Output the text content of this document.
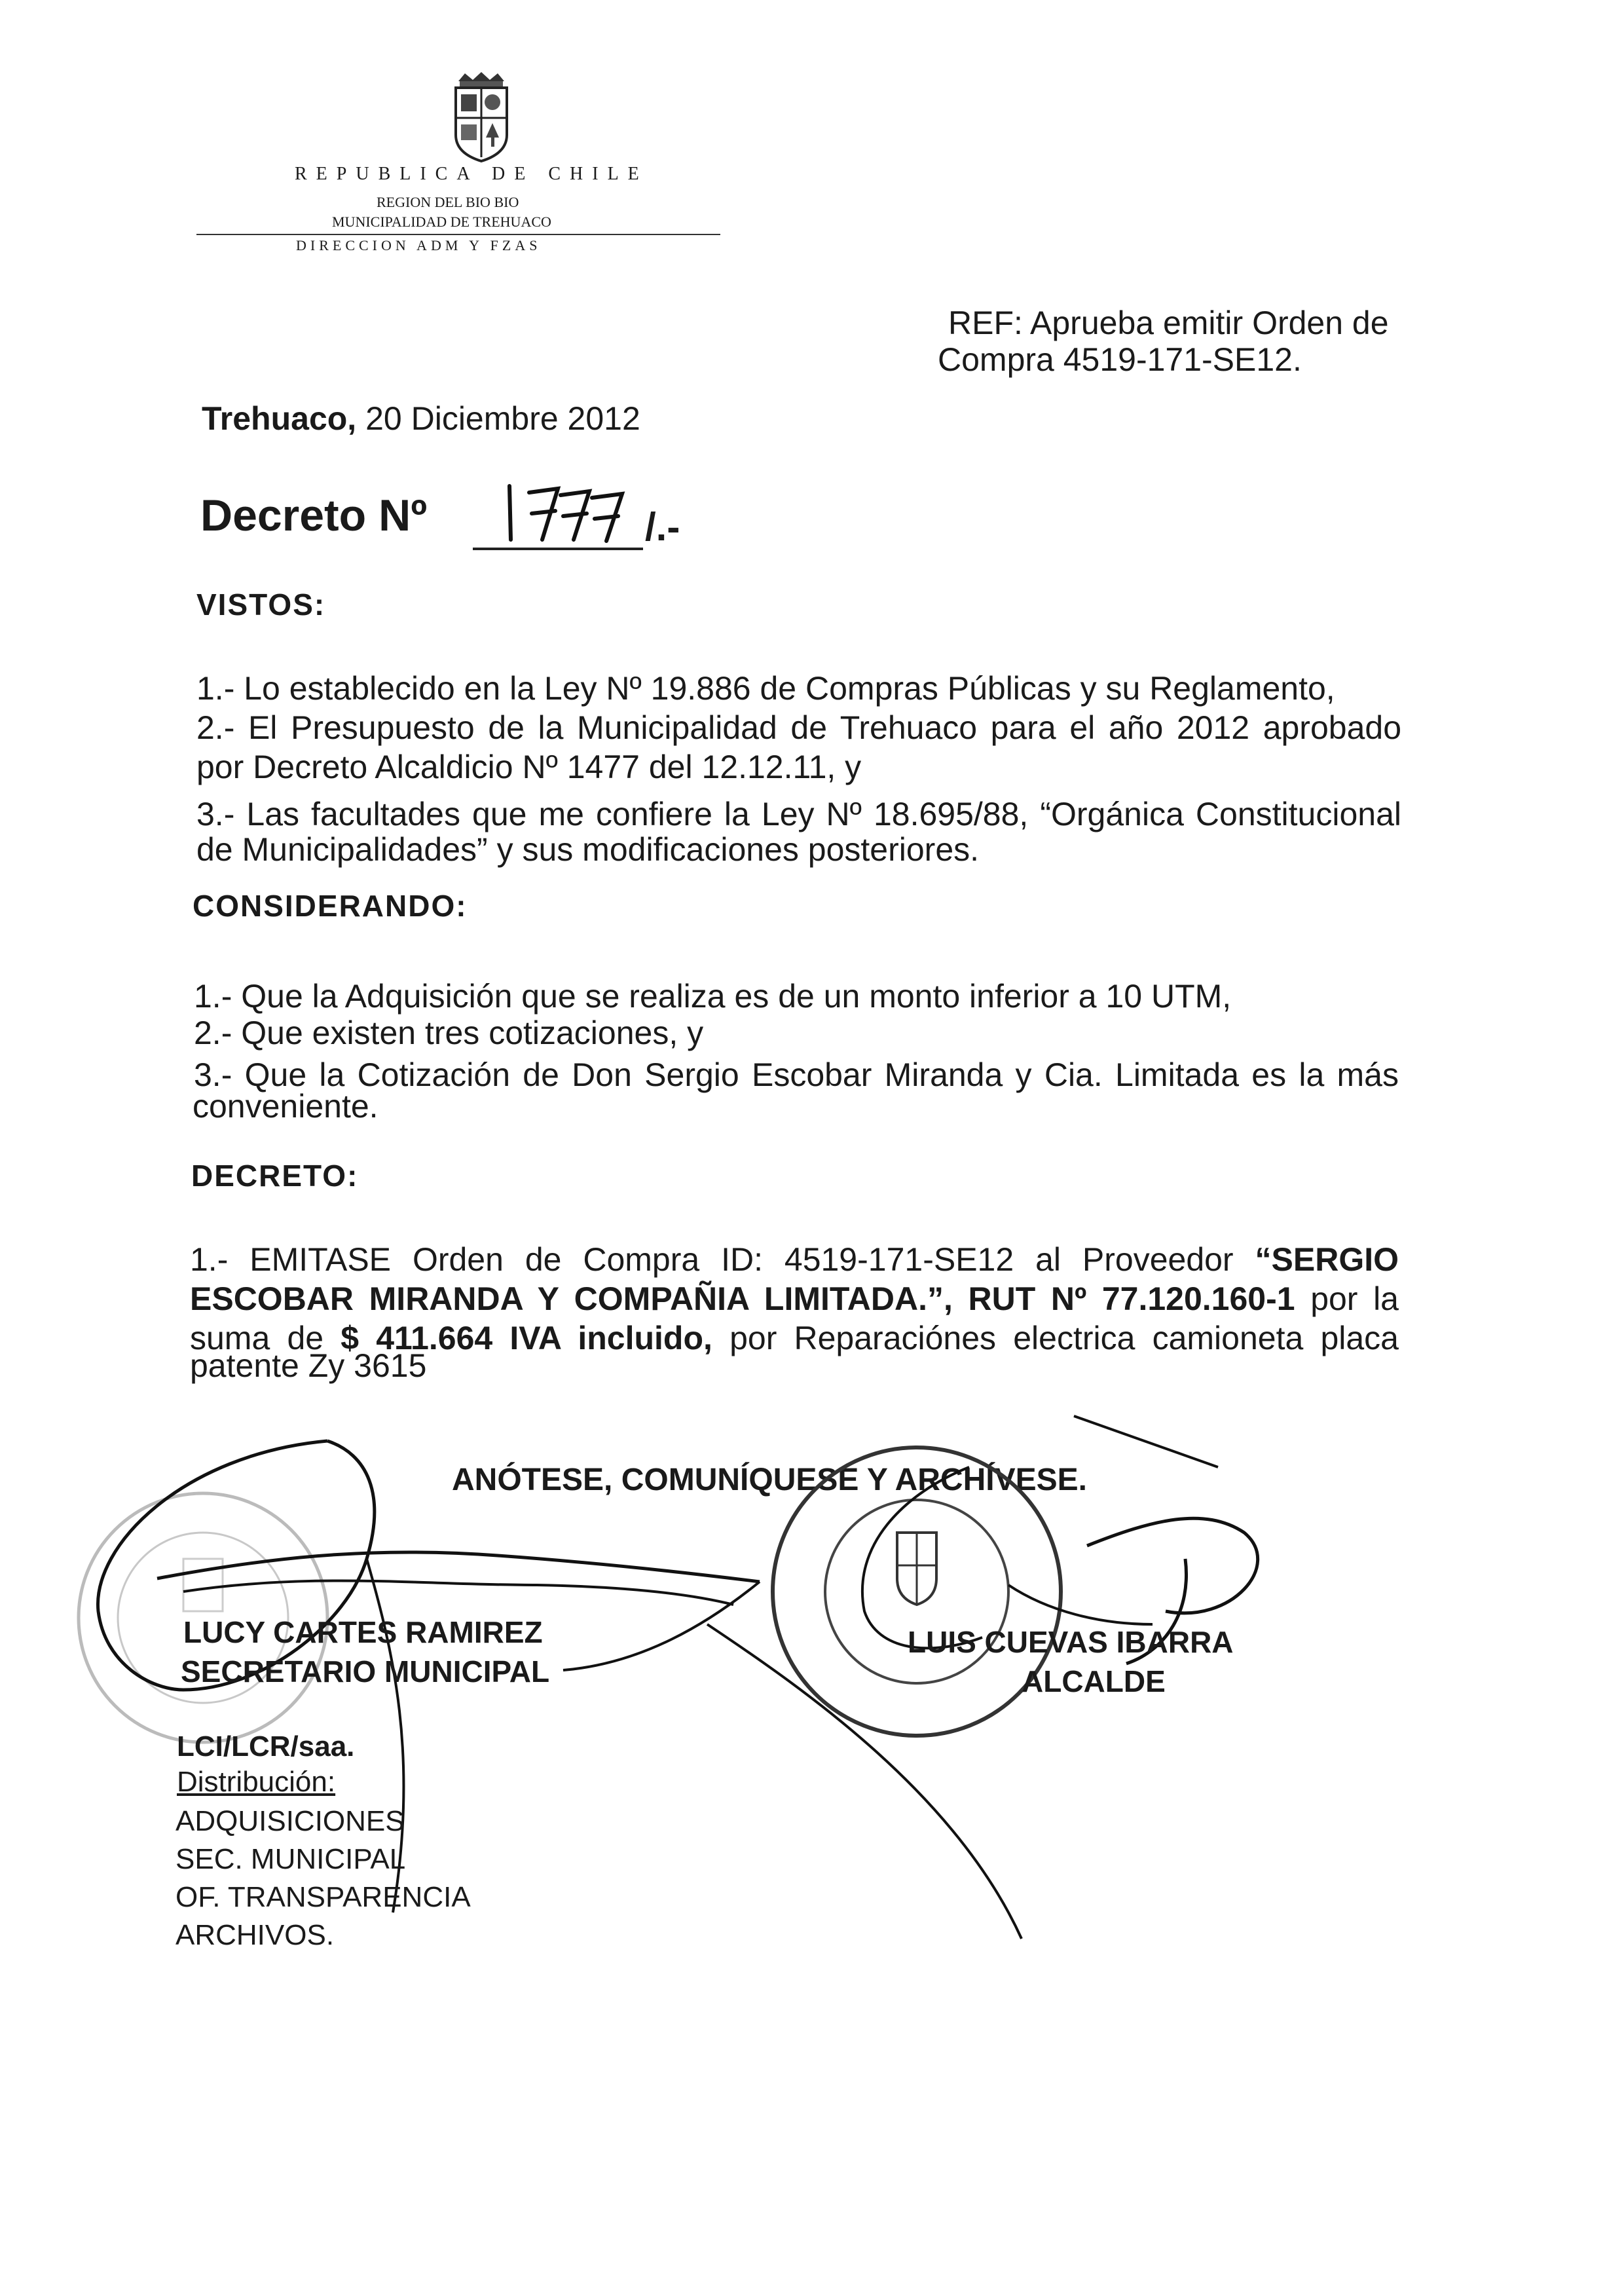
REPUBLICA DE CHILE
REGION DEL BIO BIO
MUNICIPALIDAD DE TREHUACO
DIRECCION ADM Y FZAS
REF: Aprueba emitir Orden de
Compra 4519-171-SE12.
Trehuaco, 20 Diciembre 2012
Decreto Nº	/.-
VISTOS:
1.- Lo establecido en la Ley Nº 19.886 de Compras Públicas y su Reglamento,
2.- El Presupuesto de la Municipalidad de Trehuaco para el año 2012 aprobado
por Decreto Alcaldicio Nº 1477 del 12.12.11, y
3.- Las facultades que me confiere la Ley Nº 18.695/88, “Orgánica Constitucional
de Municipalidades” y sus modificaciones posteriores.
CONSIDERANDO:
1.- Que la Adquisición que se realiza es de un monto inferior a 10 UTM,
2.- Que existen tres cotizaciones, y
3.- Que la Cotización de Don Sergio Escobar Miranda y Cia. Limitada es la más
conveniente.
DECRETO:
1.- EMITASE Orden de Compra ID: 4519-171-SE12 al Proveedor “SERGIO
ESCOBAR MIRANDA Y COMPAÑIA LIMITADA.”, RUT Nº 77.120.160-1 por la
suma de $ 411.664 IVA incluido, por Reparaciónes electrica camioneta placa
patente Zy 3615
ANÓTESE, COMUNÍQUESE Y ARCHÍVESE.
LUCY CARTES RAMIREZ
SECRETARIO MUNICIPAL
LUIS CUEVAS IBARRA
ALCALDE
LCI/LCR/saa.
Distribución:
ADQUISICIONES
SEC. MUNICIPAL
OF. TRANSPARENCIA
ARCHIVOS.
